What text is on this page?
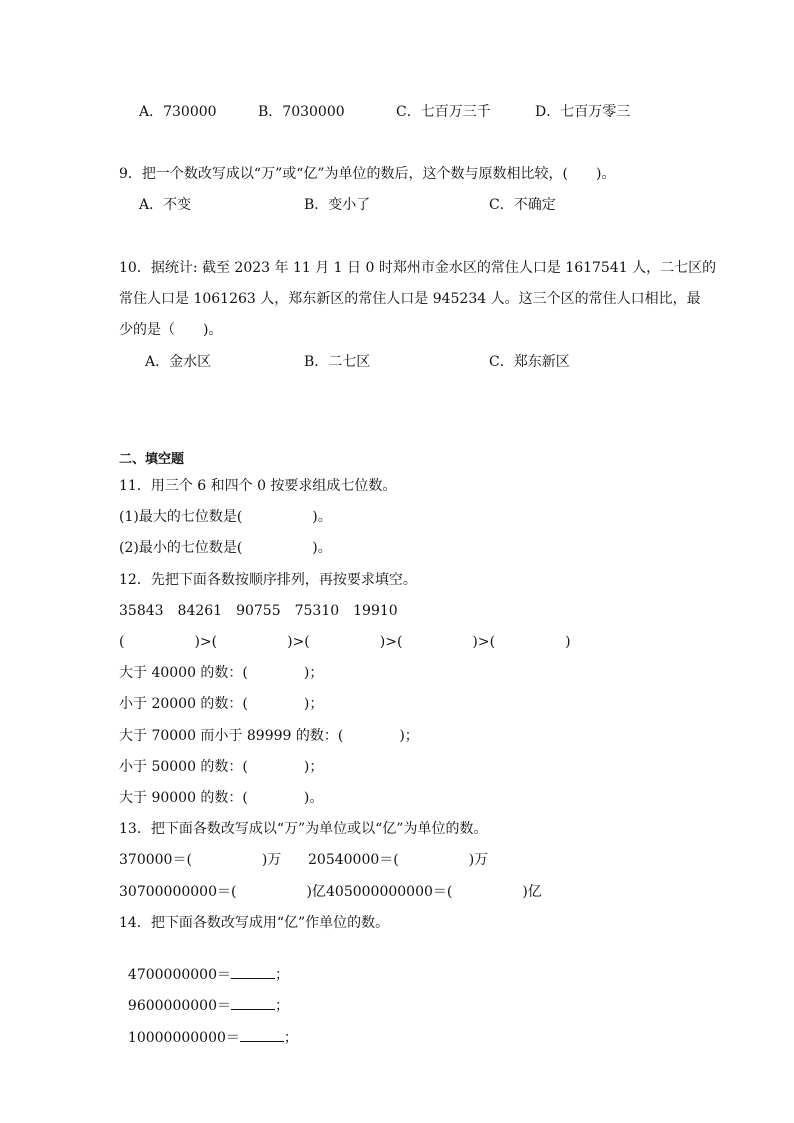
A．730000	B．7030000	C．七百万三千	D．七百万零三
9．把一个数改写成以“万”或“亿”为单位的数后，这个数与原数相比较，(　　)。
A．不变	B．变小了	C．不确定
10．据统计: 截至 2023 年 11 月 1 日 0 时郑州市金水区的常住人口是 1617541 人，二七区的
常住人口是 1061263 人，郑东新区的常住人口是 945234 人。这三个区的常住人口相比，最
少的是（　　)。
A．金水区	B．二七区	C．郑东新区
二、填空题
11．用三个 6 和四个 0 按要求组成七位数。
(1)最大的七位数是(　　　　　)。
(2)最小的七位数是(　　　　　)。
12．先把下面各数按顺序排列，再按要求填空。
35843　84261　90755　75310　19910
(　　　　　)>(　　　　　)>(　　　　　)>(　　　　　)>(　　　　　)
大于 40000 的数：(　　　　)；
小于 20000 的数：(　　　　)；
大于 70000 而小于 89999 的数：(　　　　)；
小于 50000 的数：(　　　　)；
大于 90000 的数：(　　　　)。
13．把下面各数改写成以“万”为单位或以“亿”为单位的数。
370000＝(　　　　　)万 20540000＝(　　　　　)万
30700000000＝(　　　　　)亿 405000000000＝(　　　　　)亿
14．把下面各数改写成用“亿”作单位的数。

4700000000＝	；

9600000000＝	；

10000000000＝	；
